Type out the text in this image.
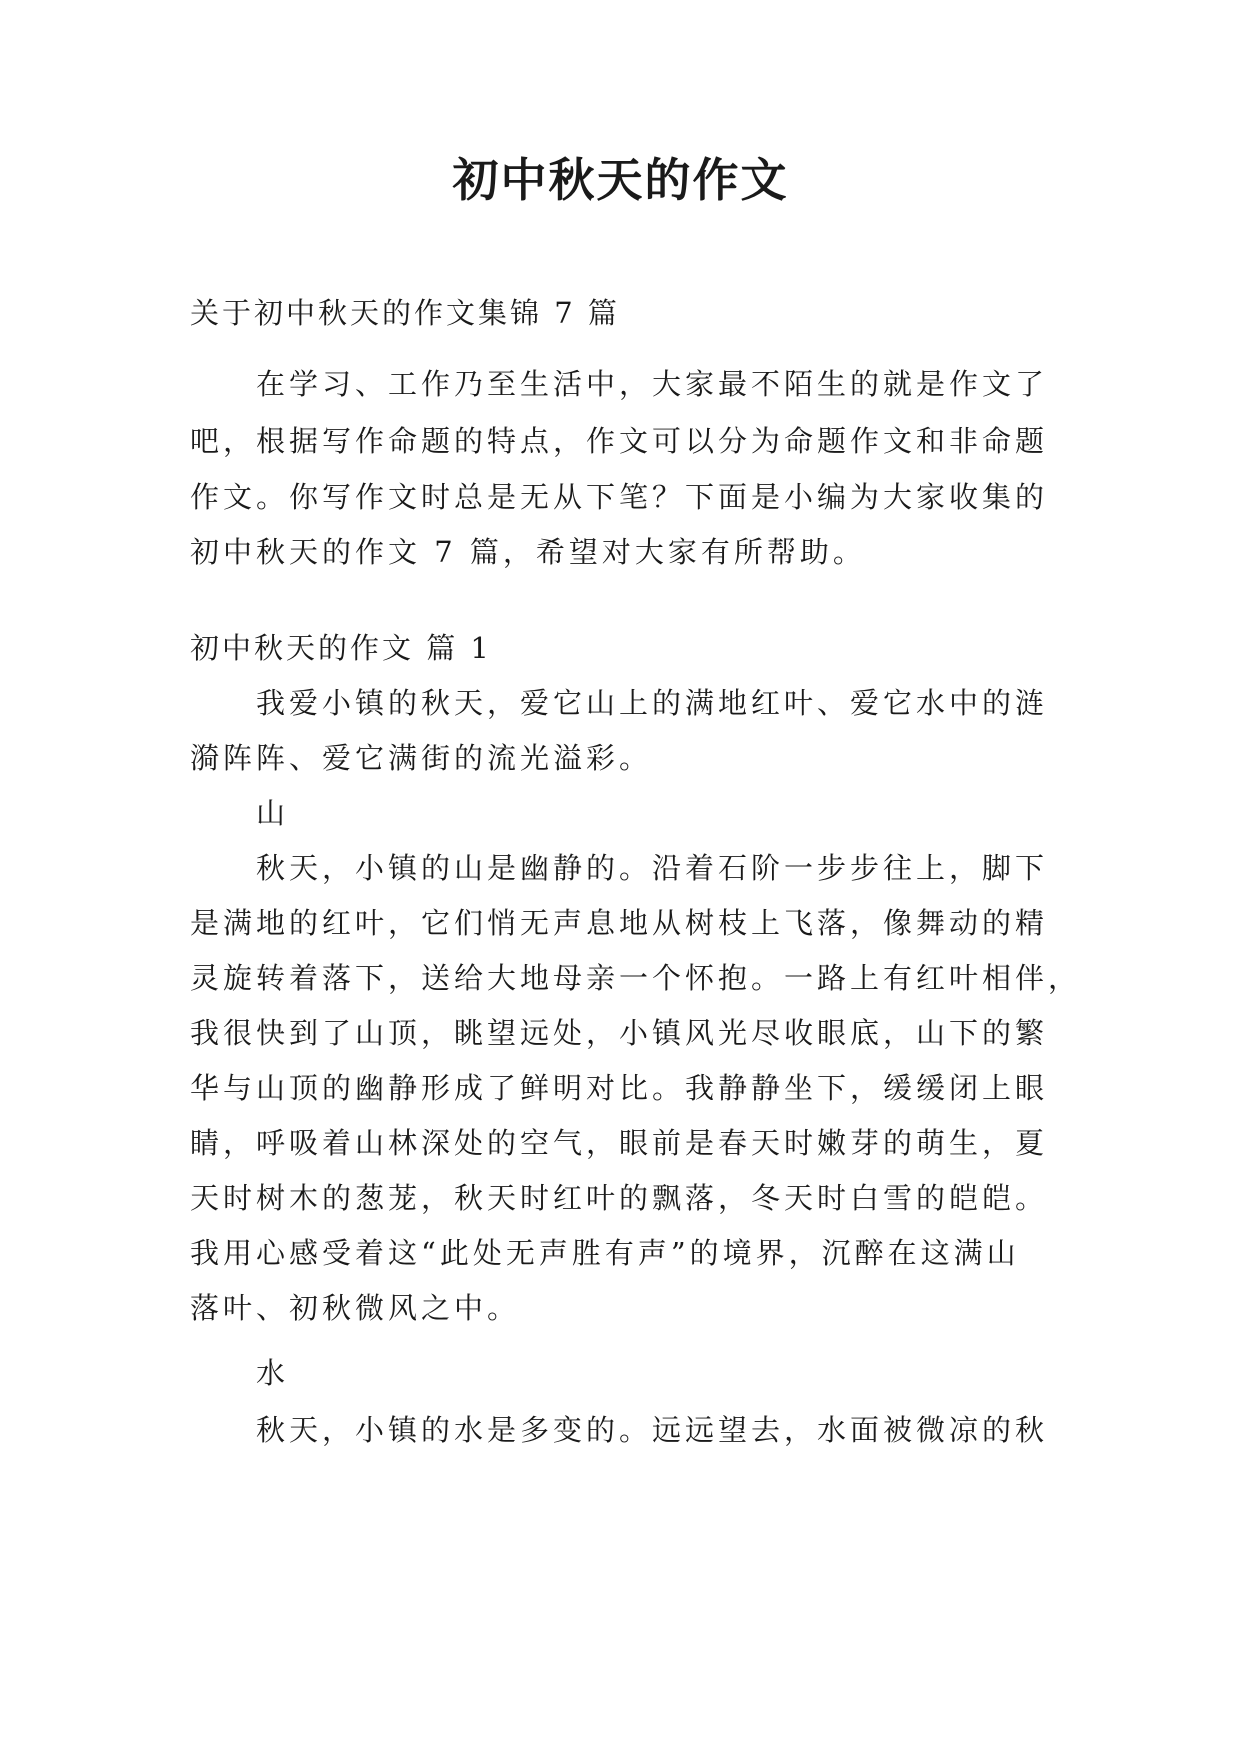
初中秋天的作文

关于初中秋天的作文集锦 7 篇

在学习、工作乃至生活中，大家最不陌生的就是作文了

吧，根据写作命题的特点，作文可以分为命题作文和非命题

作文。你写作文时总是无从下笔？下面是小编为大家收集的

初中秋天的作文 7 篇，希望对大家有所帮助。

初中秋天的作文 篇 1

我爱小镇的秋天，爱它山上的满地红叶、爱它水中的涟

漪阵阵、爱它满街的流光溢彩。

山

秋天，小镇的山是幽静的。沿着石阶一步步往上，脚下

是满地的红叶，它们悄无声息地从树枝上飞落，像舞动的精

灵旋转着落下，送给大地母亲一个怀抱。一路上有红叶相伴，

我很快到了山顶，眺望远处，小镇风光尽收眼底，山下的繁

华与山顶的幽静形成了鲜明对比。我静静坐下，缓缓闭上眼

睛，呼吸着山林深处的空气，眼前是春天时嫩芽的萌生，夏

天时树木的葱茏，秋天时红叶的飘落，冬天时白雪的皑皑。

我用心感受着这“此处无声胜有声”的境界，沉醉在这满山

落叶、初秋微风之中。

水

秋天，小镇的水是多变的。远远望去，水面被微凉的秋
